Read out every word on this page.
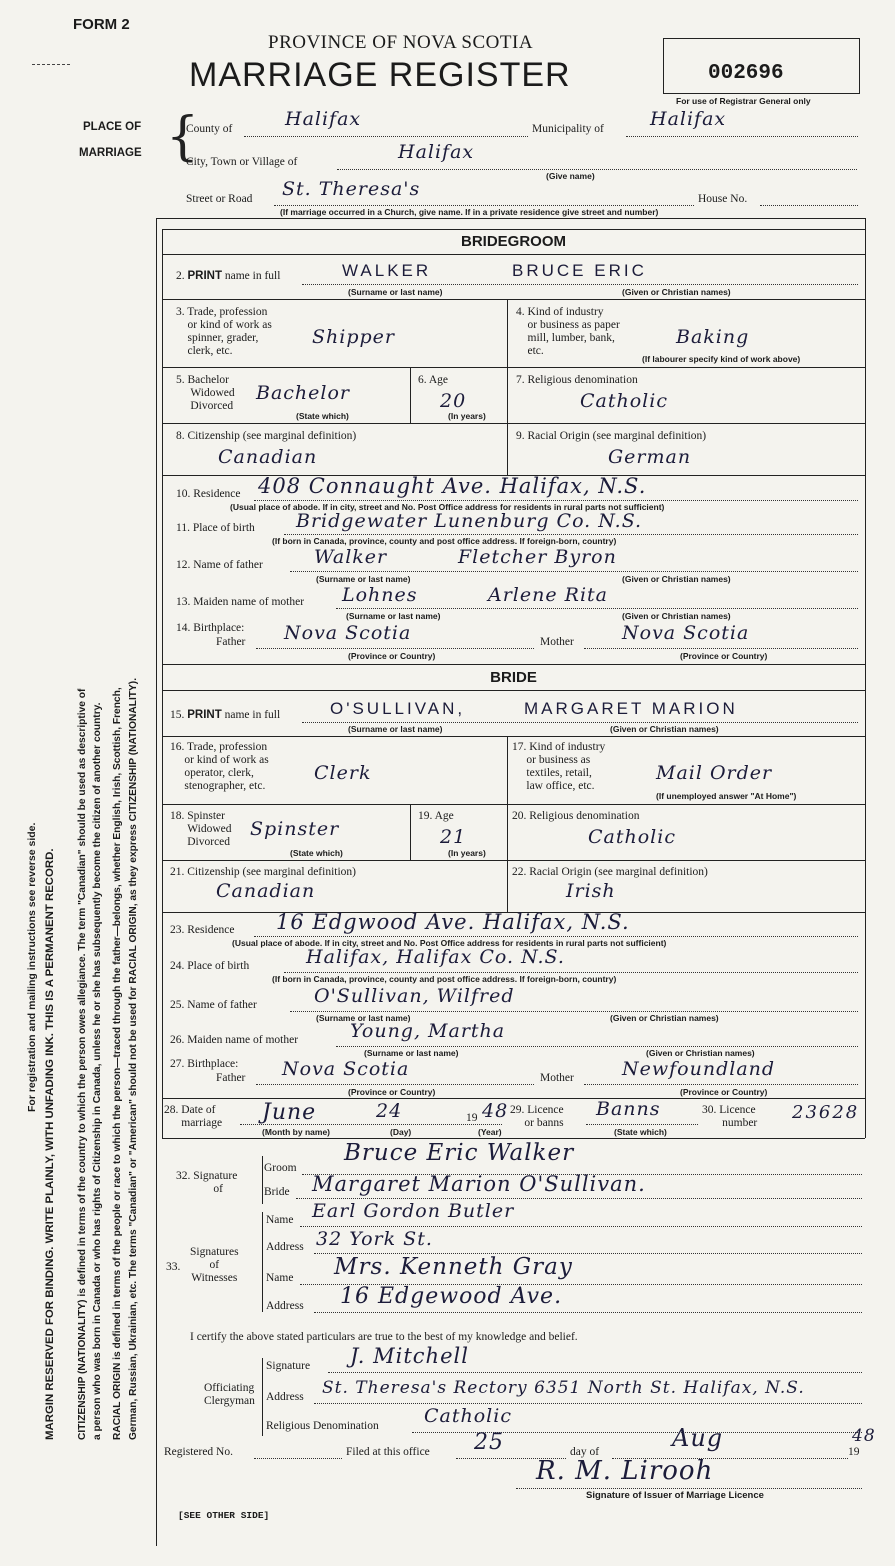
FORM 2
PROVINCE OF NOVA SCOTIA
MARRIAGE REGISTER	002696
For use of Registrar General only
PLACE OF
MARRIAGE {
County of	Halifax	Municipality of Halifax
City, Town or Village of	Halifax
(Give name)
Street or Road St. Theresa's	House No.
(If marriage occurred in a Church, give name. If in a private residence give street and number)
For registration and mailing instructions see reverse side. MARGIN RESERVED FOR BINDING. WRITE PLAINLY, WITH UNFADING INK. THIS IS A PERMANENT RECORD. CITIZENSHIP (NATIONALITY) is defined in terms of the country to which the person owes allegiance. The term "Canadian" should be used as descriptive of a person who was born in Canada or who has rights of Citizenship in Canada, unless he or she has subsequently become the citizen of another country. RACIAL ORIGIN is defined in terms of the people or race to which the person—traced through the father—belongs, whether English, Irish, Scottish, French, German, Russian, Ukrainian, etc. The terms "Canadian" or "American" should not be used for RACIAL ORIGIN, as they express CITIZENSHIP (NATIONALITY).
BRIDEGROOM
2. PRINT name in full	WALKER	BRUCE ERIC
(Surname or last name)	(Given or Christian names)
3. Trade, profession
or kind of work as
spinner, grader,
clerk, etc.
Shipper
4. Kind of industry
or business as paper
mill, lumber, bank,
etc.
Baking
(If labourer specify kind of work above)
5. Bachelor
Widowed
Divorced
Bachelor
(State which)
6. Age
20
(In years)
7. Religious denomination
Catholic
8. Citizenship (see marginal definition)
Canadian
9. Racial Origin (see marginal definition)
German
10. Residence 408 Connaught Ave. Halifax, N.S.
(Usual place of abode. If in city, street and No. Post Office address for residents in rural parts not sufficient)
11. Place of birth Bridgewater Lunenburg Co. N.S.
(If born in Canada, province, county and post office address. If foreign-born, country)
12. Name of father	Walker	Fletcher Byron
(Surname or last name)	(Given or Christian names)
13. Maiden name of mother Lohnes	Arlene Rita
(Surname or last name)	(Given or Christian names)
14. Birthplace:
Father Nova Scotia	Mother	Nova Scotia
(Province or Country)	(Province or Country)
BRIDE
15. PRINT name in full	O'SULLIVAN,	MARGARET MARION
(Surname or last name)	(Given or Christian names)
16. Trade, profession
or kind of work as
operator, clerk,
stenographer, etc.
Clerk
17. Kind of industry
or business as
textiles, retail,
law office, etc.
Mail Order
(If unemployed answer "At Home")
18. Spinster
Widowed
Divorced
Spinster
(State which)
19. Age
21
(In years)
20. Religious denomination
Catholic
21. Citizenship (see marginal definition)
Canadian
22. Racial Origin (see marginal definition)
Irish
23. Residence 16 Edgwood Ave. Halifax, N.S.
(Usual place of abode. If in city, street and No. Post Office address for residents in rural parts not sufficient)
24. Place of birth	Halifax, Halifax Co. N.S.
(If born in Canada, province, county and post office address. If foreign-born, country)
25. Name of father	O'Sullivan, Wilfred
(Surname or last name)	(Given or Christian names)
26. Maiden name of mother	Young, Martha
(Surname or last name)	(Given or Christian names)
27. Birthplace:
Father Nova Scotia	Mother	Newfoundland
(Province or Country)	(Province or Country)
28. Date of
marriage June	24	19 48
(Month by name)	(Day)	(Year)
29. Licence
or banns
Banns
(State which)
30. Licence
number 23628
32. Signature
of
Groom
Bruce Eric Walker
Bride Margaret Marion O'Sullivan.
Signatures
of
Witnesses
33.
Name Earl Gordon Butler
Address 32 York St.
Name Mrs. Kenneth Gray
Address 16 Edgewood Ave.
I certify the above stated particulars are true to the best of my knowledge and belief.
Officiating
Clergyman
Signature J. Mitchell
Address St. Theresa's Rectory 6351 North St. Halifax, N.S.
Religious Denomination Catholic
Registered No.	Filed at this office 25	day of	Aug	19
48
R. M. Lirooh
Signature of Issuer of Marriage Licence
[SEE OTHER SIDE]
